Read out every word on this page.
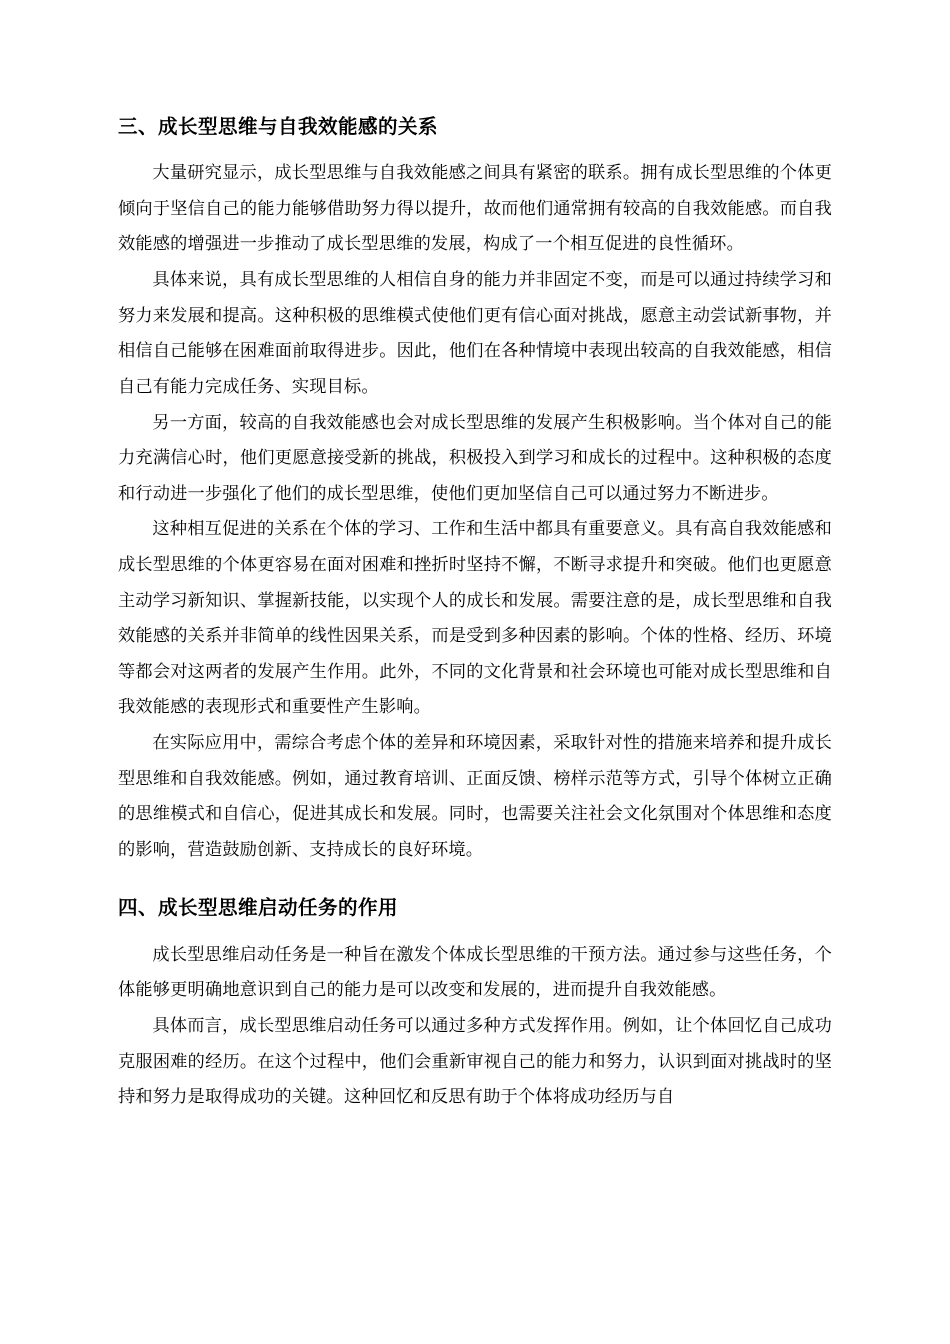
三、成长型思维与自我效能感的关系

大量研究显示，成长型思维与自我效能感之间具有紧密的联系。拥有成长型思维的个体更倾向于坚信自己的能力能够借助努力得以提升，故而他们通常拥有较高的自我效能感。而自我效能感的增强进一步推动了成长型思维的发展，构成了一个相互促进的良性循环。

具体来说，具有成长型思维的人相信自身的能力并非固定不变，而是可以通过持续学习和努力来发展和提高。这种积极的思维模式使他们更有信心面对挑战，愿意主动尝试新事物，并相信自己能够在困难面前取得进步。因此，他们在各种情境中表现出较高的自我效能感，相信自己有能力完成任务、实现目标。

另一方面，较高的自我效能感也会对成长型思维的发展产生积极影响。当个体对自己的能力充满信心时，他们更愿意接受新的挑战，积极投入到学习和成长的过程中。这种积极的态度和行动进一步强化了他们的成长型思维，使他们更加坚信自己可以通过努力不断进步。

这种相互促进的关系在个体的学习、工作和生活中都具有重要意义。具有高自我效能感和成长型思维的个体更容易在面对困难和挫折时坚持不懈，不断寻求提升和突破。他们也更愿意主动学习新知识、掌握新技能，以实现个人的成长和发展。需要注意的是，成长型思维和自我效能感的关系并非简单的线性因果关系，而是受到多种因素的影响。个体的性格、经历、环境等都会对这两者的发展产生作用。此外，不同的文化背景和社会环境也可能对成长型思维和自我效能感的表现形式和重要性产生影响。

在实际应用中，需综合考虑个体的差异和环境因素，采取针对性的措施来培养和提升成长型思维和自我效能感。例如，通过教育培训、正面反馈、榜样示范等方式，引导个体树立正确的思维模式和自信心，促进其成长和发展。同时，也需要关注社会文化氛围对个体思维和态度的影响，营造鼓励创新、支持成长的良好环境。

四、成长型思维启动任务的作用

成长型思维启动任务是一种旨在激发个体成长型思维的干预方法。通过参与这些任务，个体能够更明确地意识到自己的能力是可以改变和发展的，进而提升自我效能感。

具体而言，成长型思维启动任务可以通过多种方式发挥作用。例如，让个体回忆自己成功克服困难的经历。在这个过程中，他们会重新审视自己的能力和努力，认识到面对挑战时的坚持和努力是取得成功的关键。这种回忆和反思有助于个体将成功经历与自
